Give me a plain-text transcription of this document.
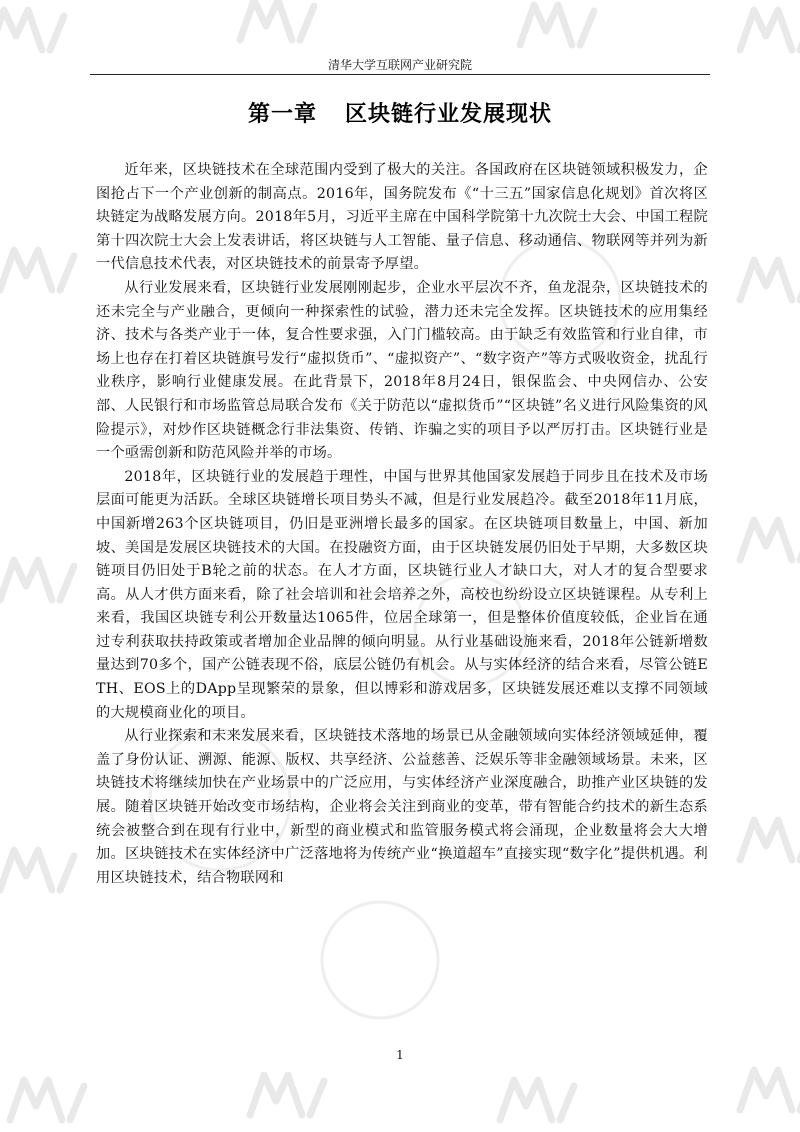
清华大学互联网产业研究院
第一章 区块链行业发展现状

近年来，区块链技术在全球范围内受到了极大的关注。各国政府在区块链领域积极发力，企图抢占下一个产业创新的制高点。2016年，国务院发布《“十三五”国家信息化规划》首次将区块链定为战略发展方向。2018年5月，习近平主席在中国科学院第十九次院士大会、中国工程院第十四次院士大会上发表讲话，将区块链与人工智能、量子信息、移动通信、物联网等并列为新一代信息技术代表，对区块链技术的前景寄予厚望。

从行业发展来看，区块链行业发展刚刚起步，企业水平层次不齐，鱼龙混杂，区块链技术的还未完全与产业融合，更倾向一种探索性的试验，潜力还未完全发挥。区块链技术的应用集经济、技术与各类产业于一体，复合性要求强，入门门槛较高。由于缺乏有效监管和行业自律，市场上也存在打着区块链旗号发行“虚拟货币”、“虚拟资产”、“数字资产”等方式吸收资金，扰乱行业秩序，影响行业健康发展。在此背景下，2018年8月24日，银保监会、中央网信办、公安部、人民银行和市场监管总局联合发布《关于防范以“虚拟货币”“区块链”名义进行风险集资的风险提示》，对炒作区块链概念行非法集资、传销、诈骗之实的项目予以严厉打击。区块链行业是一个亟需创新和防范风险并举的市场。

2018年，区块链行业的发展趋于理性，中国与世界其他国家发展趋于同步且在技术及市场层面可能更为活跃。全球区块链增长项目势头不减，但是行业发展趋冷。截至2018年11月底，中国新增263个区块链项目，仍旧是亚洲增长最多的国家。在区块链项目数量上，中国、新加坡、美国是发展区块链技术的大国。在投融资方面，由于区块链发展仍旧处于早期，大多数区块链项目仍旧处于B轮之前的状态。在人才方面，区块链行业人才缺口大，对人才的复合型要求高。从人才供方面来看，除了社会培训和社会培养之外，高校也纷纷设立区块链课程。从专利上来看，我国区块链专利公开数量达1065件，位居全球第一，但是整体价值度较低，企业旨在通过专利获取扶持政策或者增加企业品牌的倾向明显。从行业基础设施来看，2018年公链新增数量达到70多个，国产公链表现不俗，底层公链仍有机会。从与实体经济的结合来看，尽管公链ETH、EOS上的DApp呈现繁荣的景象，但以博彩和游戏居多，区块链发展还难以支撑不同领域的大规模商业化的项目。

从行业探索和未来发展来看，区块链技术落地的场景已从金融领域向实体经济领域延伸，覆盖了身份认证、溯源、能源、版权、共享经济、公益慈善、泛娱乐等非金融领域场景。未来，区块链技术将继续加快在产业场景中的广泛应用，与实体经济产业深度融合，助推产业区块链的发展。随着区块链开始改变市场结构，企业将会关注到商业的变革，带有智能合约技术的新生态系统会被整合到在现有行业中，新型的商业模式和监管服务模式将会涌现，企业数量将会大大增加。区块链技术在实体经济中广泛落地将为传统产业“换道超车”直接实现“数字化”提供机遇。利用区块链技术，结合物联网和

1
